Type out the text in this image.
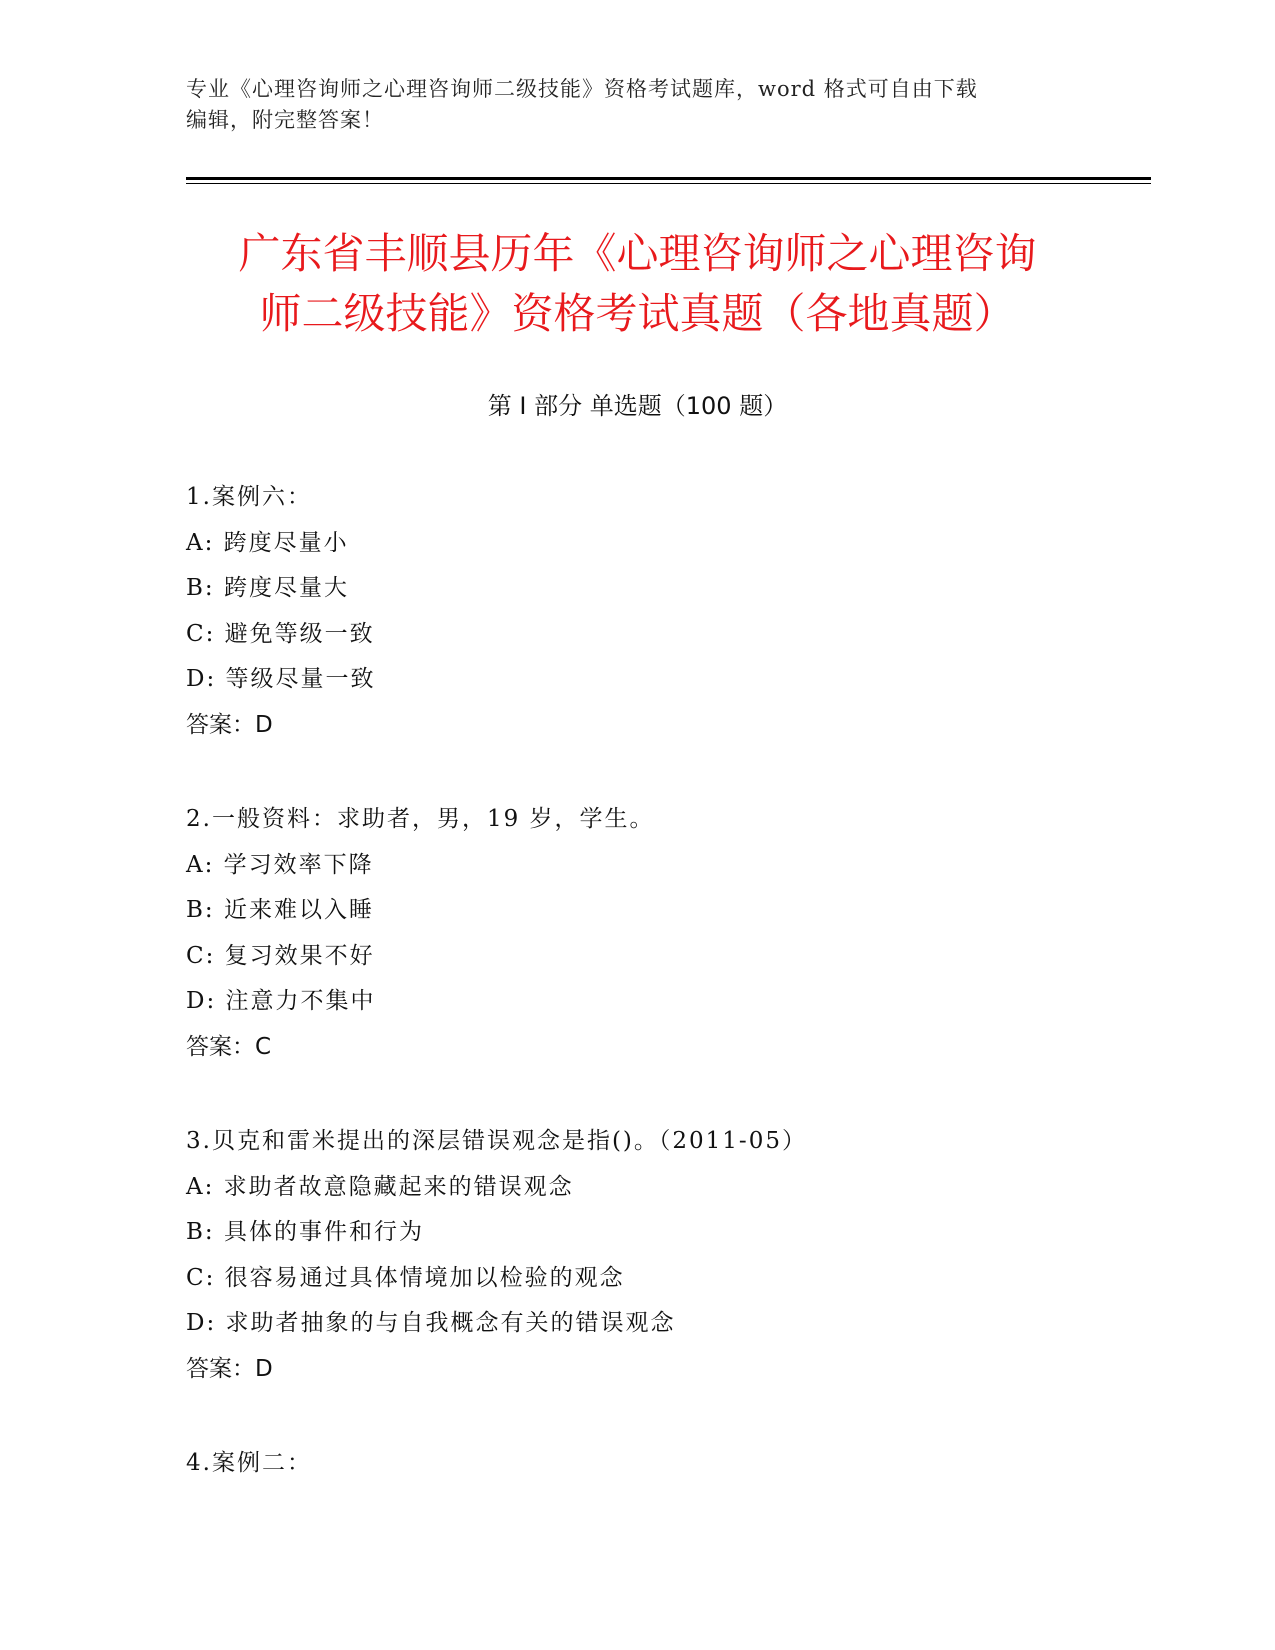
专业《心理咨询师之心理咨询师二级技能》资格考试题库，word 格式可自由下载
编辑，附完整答案！
广东省丰顺县历年《心理咨询师之心理咨询
师二级技能》资格考试真题（各地真题）
第 I 部分 单选题（100 题）
1.案例六：
A: 跨度尽量小
B: 跨度尽量大
C: 避免等级一致
D: 等级尽量一致
答案：D
2.一般资料：求助者，男，19 岁，学生。
A: 学习效率下降
B: 近来难以入睡
C: 复习效果不好
D: 注意力不集中
答案：C
3.贝克和雷米提出的深层错误观念是指()。（2011-05）
A: 求助者故意隐藏起来的错误观念
B: 具体的事件和行为
C: 很容易通过具体情境加以检验的观念
D: 求助者抽象的与自我概念有关的错误观念
答案：D
4.案例二：
